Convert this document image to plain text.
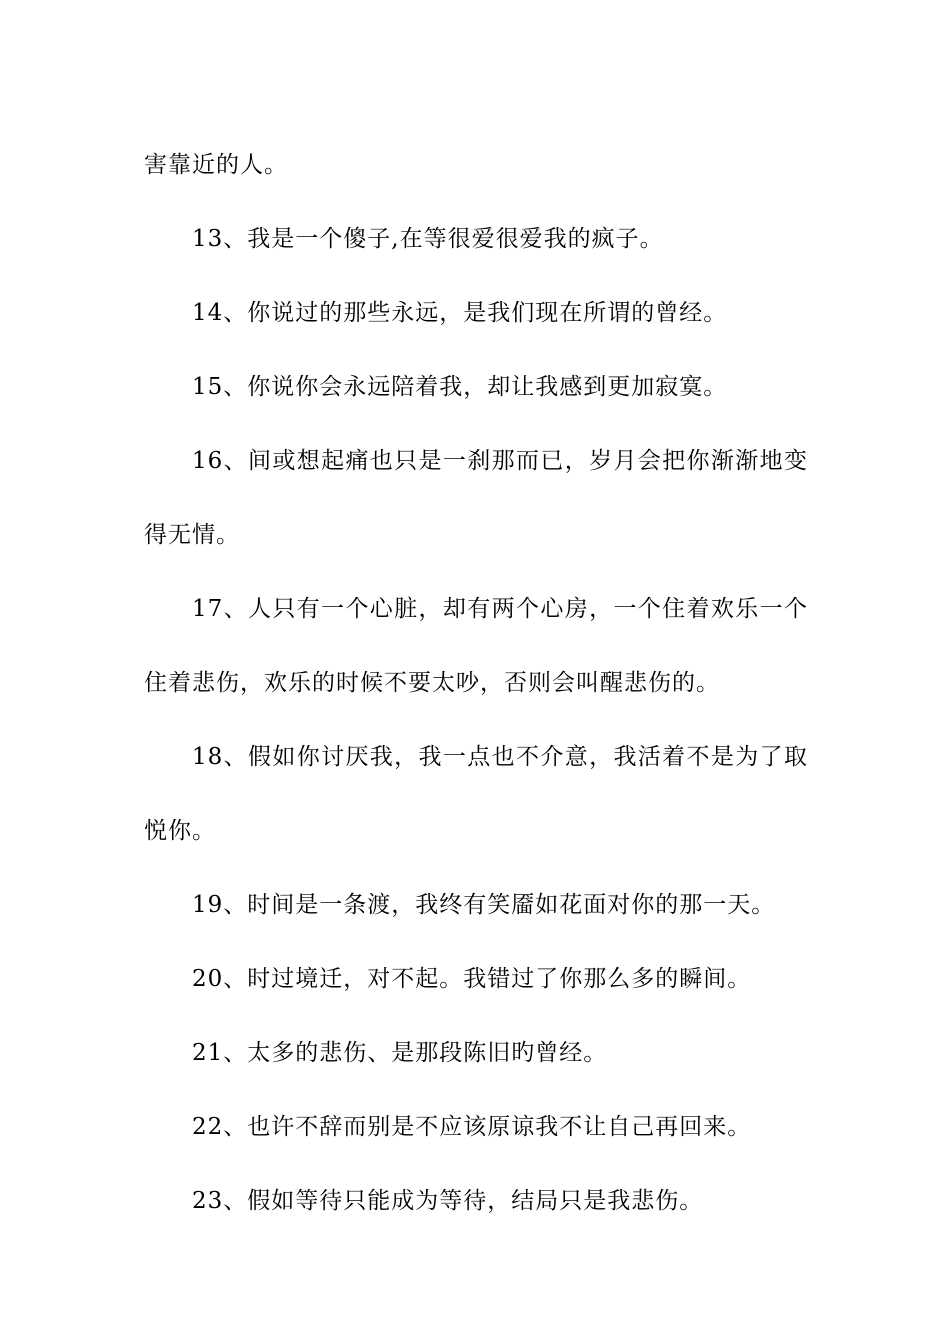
害靠近的人。

13、我是一个傻子,在等很爱很爱我的疯子。

14、你说过的那些永远，是我们现在所谓的曾经。

15、你说你会永远陪着我，却让我感到更加寂寞。

16、间或想起痛也只是一刹那而已，岁月会把你渐渐地变得无情。

17、人只有一个心脏，却有两个心房，一个住着欢乐一个住着悲伤，欢乐的时候不要太吵，否则会叫醒悲伤的。

18、假如你讨厌我，我一点也不介意，我活着不是为了取悦你。

19、时间是一条渡，我终有笑靥如花面对你的那一天。

20、时过境迁，对不起。我错过了你那么多的瞬间。

21、太多的悲伤、是那段陈旧旳曾经。

22、也许不辞而别是不应该原谅我不让自己再回来。

23、假如等待只能成为等待，结局只是我悲伤。
